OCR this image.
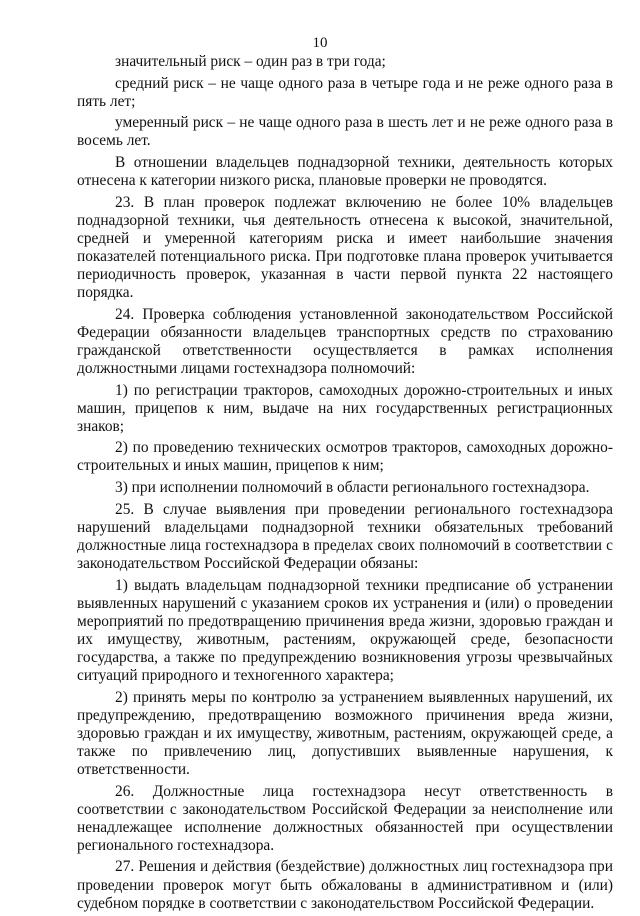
10

значительный риск – один раз в три года;

средний риск – не чаще одного раза в четыре года и не реже одного раза в пять лет;

умеренный риск – не чаще одного раза в шесть лет и не реже одного раза в восемь лет.

В отношении владельцев поднадзорной техники, деятельность которых отнесена к категории низкого риска, плановые проверки не проводятся.

23. В план проверок подлежат включению не более 10% владельцев поднадзорной техники, чья деятельность отнесена к высокой, значительной, средней и умеренной категориям риска и имеет наибольшие значения показателей потенциального риска. При подготовке плана проверок учитывается периодичность проверок, указанная в части первой пункта 22 настоящего порядка.

24. Проверка соблюдения установленной законодательством Российской Федерации обязанности владельцев транспортных средств по страхованию гражданской ответственности осуществляется в рамках исполнения должностными лицами гостехнадзора полномочий:

1) по регистрации тракторов, самоходных дорожно-строительных и иных машин, прицепов к ним, выдаче на них государственных регистрационных знаков;

2) по проведению технических осмотров тракторов, самоходных дорожно-строительных и иных машин, прицепов к ним;

3) при исполнении полномочий в области регионального гостехнадзора.

25. В случае выявления при проведении регионального гостехнадзора нарушений владельцами поднадзорной техники обязательных требований должностные лица гостехнадзора в пределах своих полномочий в соответствии с законодательством Российской Федерации обязаны:

1) выдать владельцам поднадзорной техники предписание об устранении выявленных нарушений с указанием сроков их устранения и (или) о проведении мероприятий по предотвращению причинения вреда жизни, здоровью граждан и их имуществу, животным, растениям, окружающей среде, безопасности государства, а также по предупреждению возникновения угрозы чрезвычайных ситуаций природного и техногенного характера;

2) принять меры по контролю за устранением выявленных нарушений, их предупреждению, предотвращению возможного причинения вреда жизни, здоровью граждан и их имуществу, животным, растениям, окружающей среде, а также по привлечению лиц, допустивших выявленные нарушения, к ответственности.

26. Должностные лица гостехнадзора несут ответственность в соответствии с законодательством Российской Федерации за неисполнение или ненадлежащее исполнение должностных обязанностей при осуществлении регионального гостехнадзора.

27. Решения и действия (бездействие) должностных лиц гостехнадзора при проведении проверок могут быть обжалованы в административном и (или) судебном порядке в соответствии с законодательством Российской Федерации.
